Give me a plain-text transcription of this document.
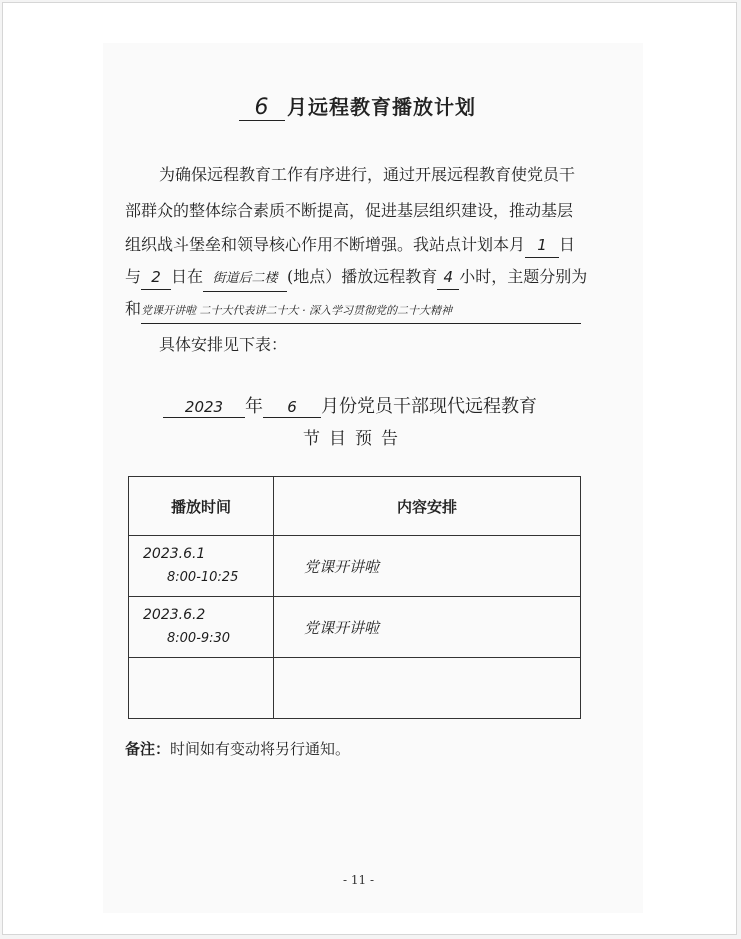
6 月远程教育播放计划
为确保远程教育工作有序进行，通过开展远程教育使党员干
部群众的整体综合素质不断提高，促进基层组织建设，推动基层
组织战斗堡垒和领导核心作用不断增强。我站点计划本月 1 日
与 2 日在 街道后二楼 (地点）播放远程教育 4 小时，主题分别为
和党课开讲啦 二十大代表讲二十大 · 深入学习贯彻党的二十大精神
具体安排见下表：
2023 年 6 月份党员干部现代远程教育
节目预告
播放时间	内容安排

2023.6.1
8:00-10:25	党课开讲啦

2023.6.2
8:00-9:30	党课开讲啦

备注：时间如有变动将另行通知。
- 11 -
